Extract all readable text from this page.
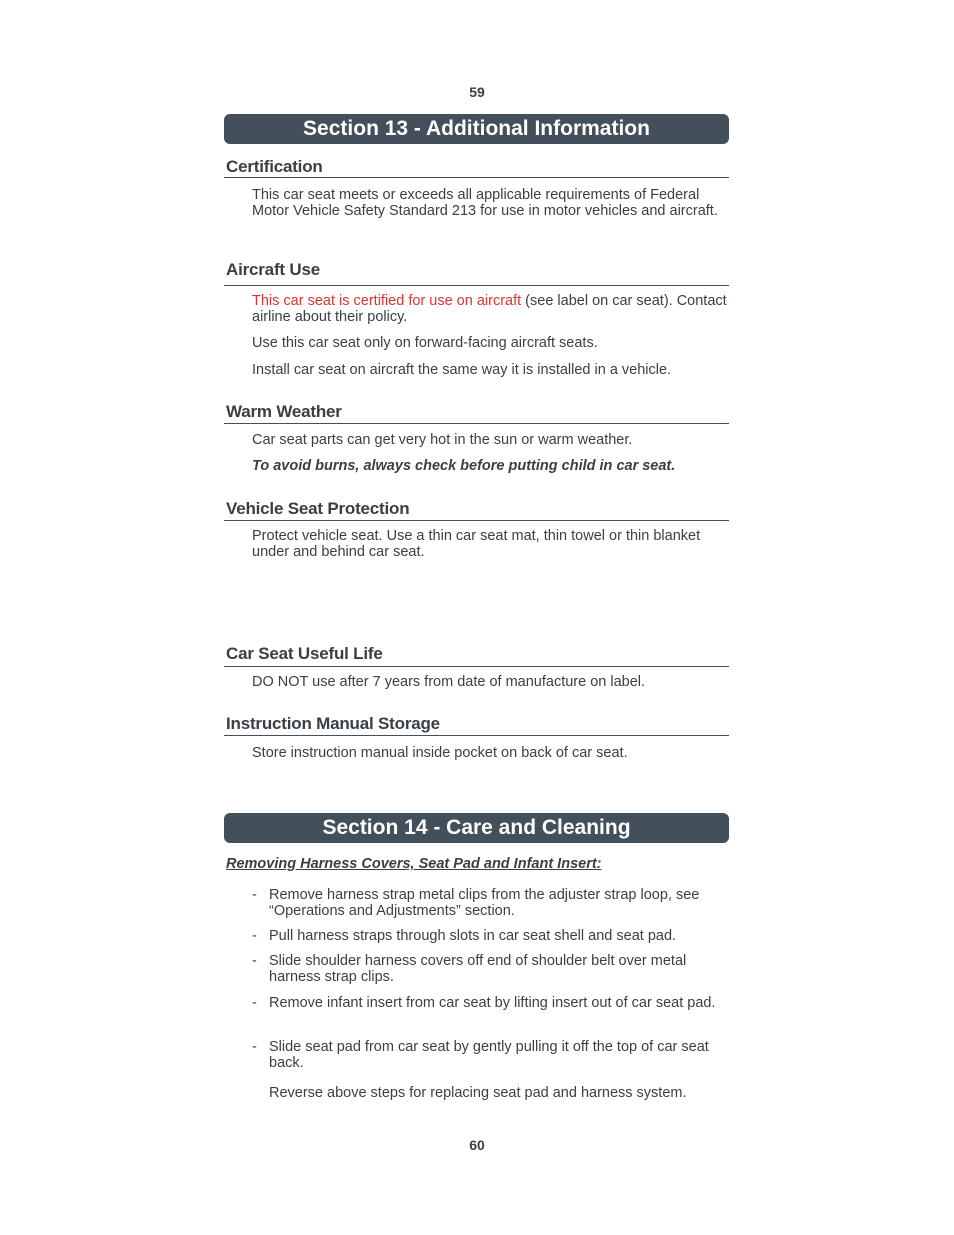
59
Section 13 - Additional Information
Certification
This car seat meets or exceeds all applicable requirements of Federal Motor Vehicle Safety Standard 213 for use in motor vehicles and aircraft.
Aircraft Use
This car seat is certified for use on aircraft (see label on car seat). Contact airline about their policy.
Use this car seat only on forward-facing aircraft seats.
Install car seat on aircraft the same way it is installed in a vehicle.
Warm Weather
Car seat parts can get very hot in the sun or warm weather.
To avoid burns, always check before putting child in car seat.
Vehicle Seat Protection
Protect vehicle seat. Use a thin car seat mat, thin towel or thin blanket under and behind car seat.
Car Seat Useful Life
DO NOT use after 7 years from date of manufacture on label.
Instruction Manual Storage
Store instruction manual inside pocket on back of car seat.
Section 14 - Care and Cleaning
Removing Harness Covers, Seat Pad and Infant Insert:
- Remove harness strap metal clips from the adjuster strap loop, see “Operations and Adjustments” section.
- Pull harness straps through slots in car seat shell and seat pad.
- Slide shoulder harness covers off end of shoulder belt over metal harness strap clips.
- Remove infant insert from car seat by lifting insert out of car seat pad.
- Slide seat pad from car seat by gently pulling it off the top of car seat back.
Reverse above steps for replacing seat pad and harness system.
60
